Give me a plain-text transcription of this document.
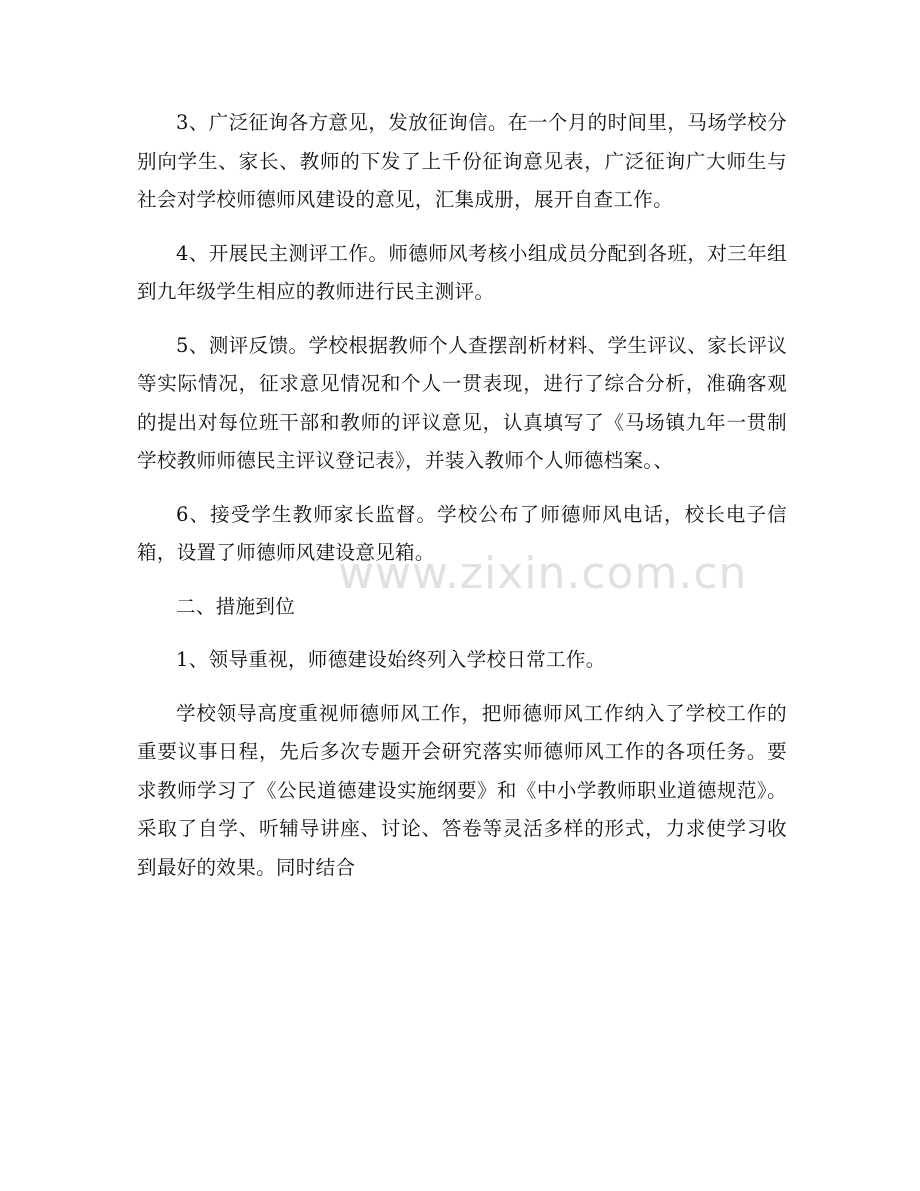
3、广泛征询各方意见，发放征询信。在一个月的时间里，马场学校分别向学生、家长、教师的下发了上千份征询意见表，广泛征询广大师生与社会对学校师德师风建设的意见，汇集成册，展开自查工作。

4、开展民主测评工作。师德师风考核小组成员分配到各班，对三年组到九年级学生相应的教师进行民主测评。

5、测评反馈。学校根据教师个人查摆剖析材料、学生评议、家长评议等实际情况，征求意见情况和个人一贯表现，进行了综合分析，准确客观的提出对每位班干部和教师的评议意见，认真填写了《马场镇九年一贯制学校教师师德民主评议登记表》，并装入教师个人师德档案。、

6、接受学生教师家长监督。学校公布了师德师风电话，校长电子信箱，设置了师德师风建设意见箱。

二、措施到位

1、领导重视，师德建设始终列入学校日常工作。

学校领导高度重视师德师风工作，把师德师风工作纳入了学校工作的重要议事日程，先后多次专题开会研究落实师德师风工作的各项任务。要求教师学习了《公民道德建设实施纲要》和《中小学教师职业道德规范》。采取了自学、听辅导讲座、讨论、答卷等灵活多样的形式，力求使学习收到最好的效果。同时结合

www.zixin.com.cn
